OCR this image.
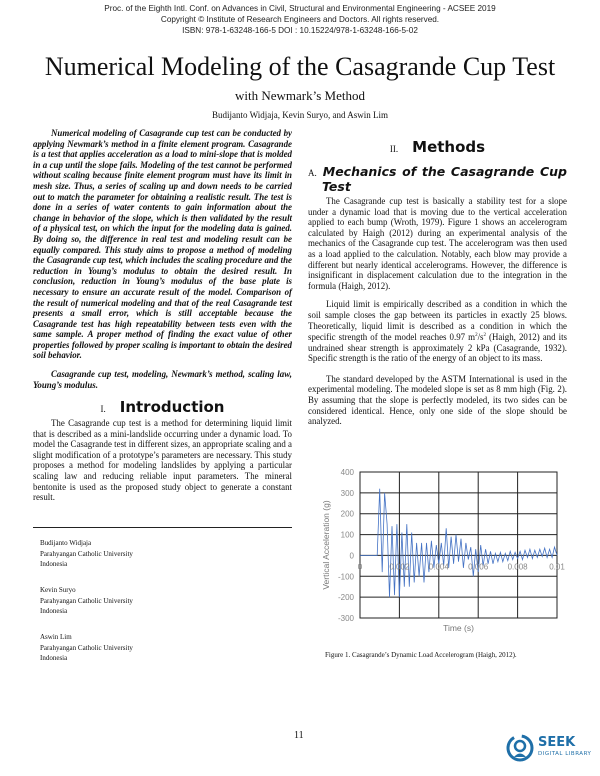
Proc. of the Eighth Intl. Conf. on Advances in Civil, Structural and Environmental Engineering - ACSEE 2019
Copyright © Institute of Research Engineers and Doctors. All rights reserved.
ISBN: 978-1-63248-166-5 DOI : 10.15224/978-1-63248-166-5-02
Numerical Modeling of the Casagrande Cup Test
with Newmark’s Method
Budijanto Widjaja, Kevin Suryo, and Aswin Lim

Numerical modeling of Casagrande cup test can be conducted by applying Newmark’s method in a finite element program. Casagrande is a test that applies acceleration as a load to mini-slope that is molded in a cup until the slope fails. Modeling of the test cannot be performed without scaling because finite element program must have its limit in mesh size. Thus, a series of scaling up and down needs to be carried out to match the parameter for obtaining a realistic result. The test is done in a series of water contents to gain information about the change in behavior of the slope, which is then validated by the result of a physical test, on which the input for the modeling data is gained. By doing so, the difference in real test and modeling result can be equally compared. This study aims to propose a method of modeling the Casagrande cup test, which includes the scaling procedure and the reduction in Young’s modulus to obtain the desired result. In conclusion, reduction in Young’s modulus of the base plate is necessary to ensure an accurate result of the model. Comparison of the result of numerical modeling and that of the real Casagrande test presents a small error, which is still acceptable because the Casagrande test has high repeatability between tests even with the same sample. A proper method of finding the exact value of other properties followed by proper scaling is important to obtain the desired soil behavior.

Casagrande cup test, modeling, Newmark’s method, scaling law, Young’s modulus.

I. Introduction

The Casagrande cup test is a method for determining liquid limit that is described as a mini-landslide occurring under a dynamic load. To model the Casagrande test in different sizes, an appropriate scaling and a slight modification of a prototype’s parameters are necessary. This study proposes a method for modeling landslides by applying a particular scaling law and reducing reliable input parameters. The mineral bentonite is used as the proposed study object to generate a constant result.

Budijanto Widjaja
Parahyangan Catholic University
Indonesia
Kevin Suryo
Parahyangan Catholic University
Indonesia
Aswin Lim
Parahyangan Catholic University
Indonesia
II. Methods
A. Mechanics of the Casagrande Cup
Test

The Casagrande cup test is basically a stability test for a slope under a dynamic load that is moving due to the vertical acceleration applied to each bump (Wroth, 1979). Figure 1 shows an accelerogram calculated by Haigh (2012) during an experimental analysis of the mechanics of the Casagrande cup test. The accelerogram was then used as a load applied to the calculation. Notably, each blow may provide a different but nearly identical accelerograms. However, the difference is insignificant in displacement calculation due to the integration in the formula (Haigh, 2012).

Liquid limit is empirically described as a condition in which the soil sample closes the gap between its particles in exactly 25 blows. Theoretically, liquid limit is described as a condition in which the specific strength of the model reaches 0.97 $m^2/s^2$ (Haigh, 2012) and its undrained shear strength is approximately 2 kPa (Casagrande, 1932). Specific strength is the ratio of the energy of an object to its mass.

The standard developed by the ASTM International is used in the experimental modeling. The modeled slope is set as 8 mm high (Fig. 2). By assuming that the slope is perfectly modeled, its two sides can be considered identical. Hence, only one side of the slope should be analyzed.

400
300
200
100
0
-100
-200
-300
0	0.002 0.004 0.006 0.008	0.01
Time (s)
Vertical Acceleration (g)
Figure 1. Casagrande’s Dynamic Load Accelerogram (Haigh, 2012).
11	SEEK
DIGITAL LIBRARY
